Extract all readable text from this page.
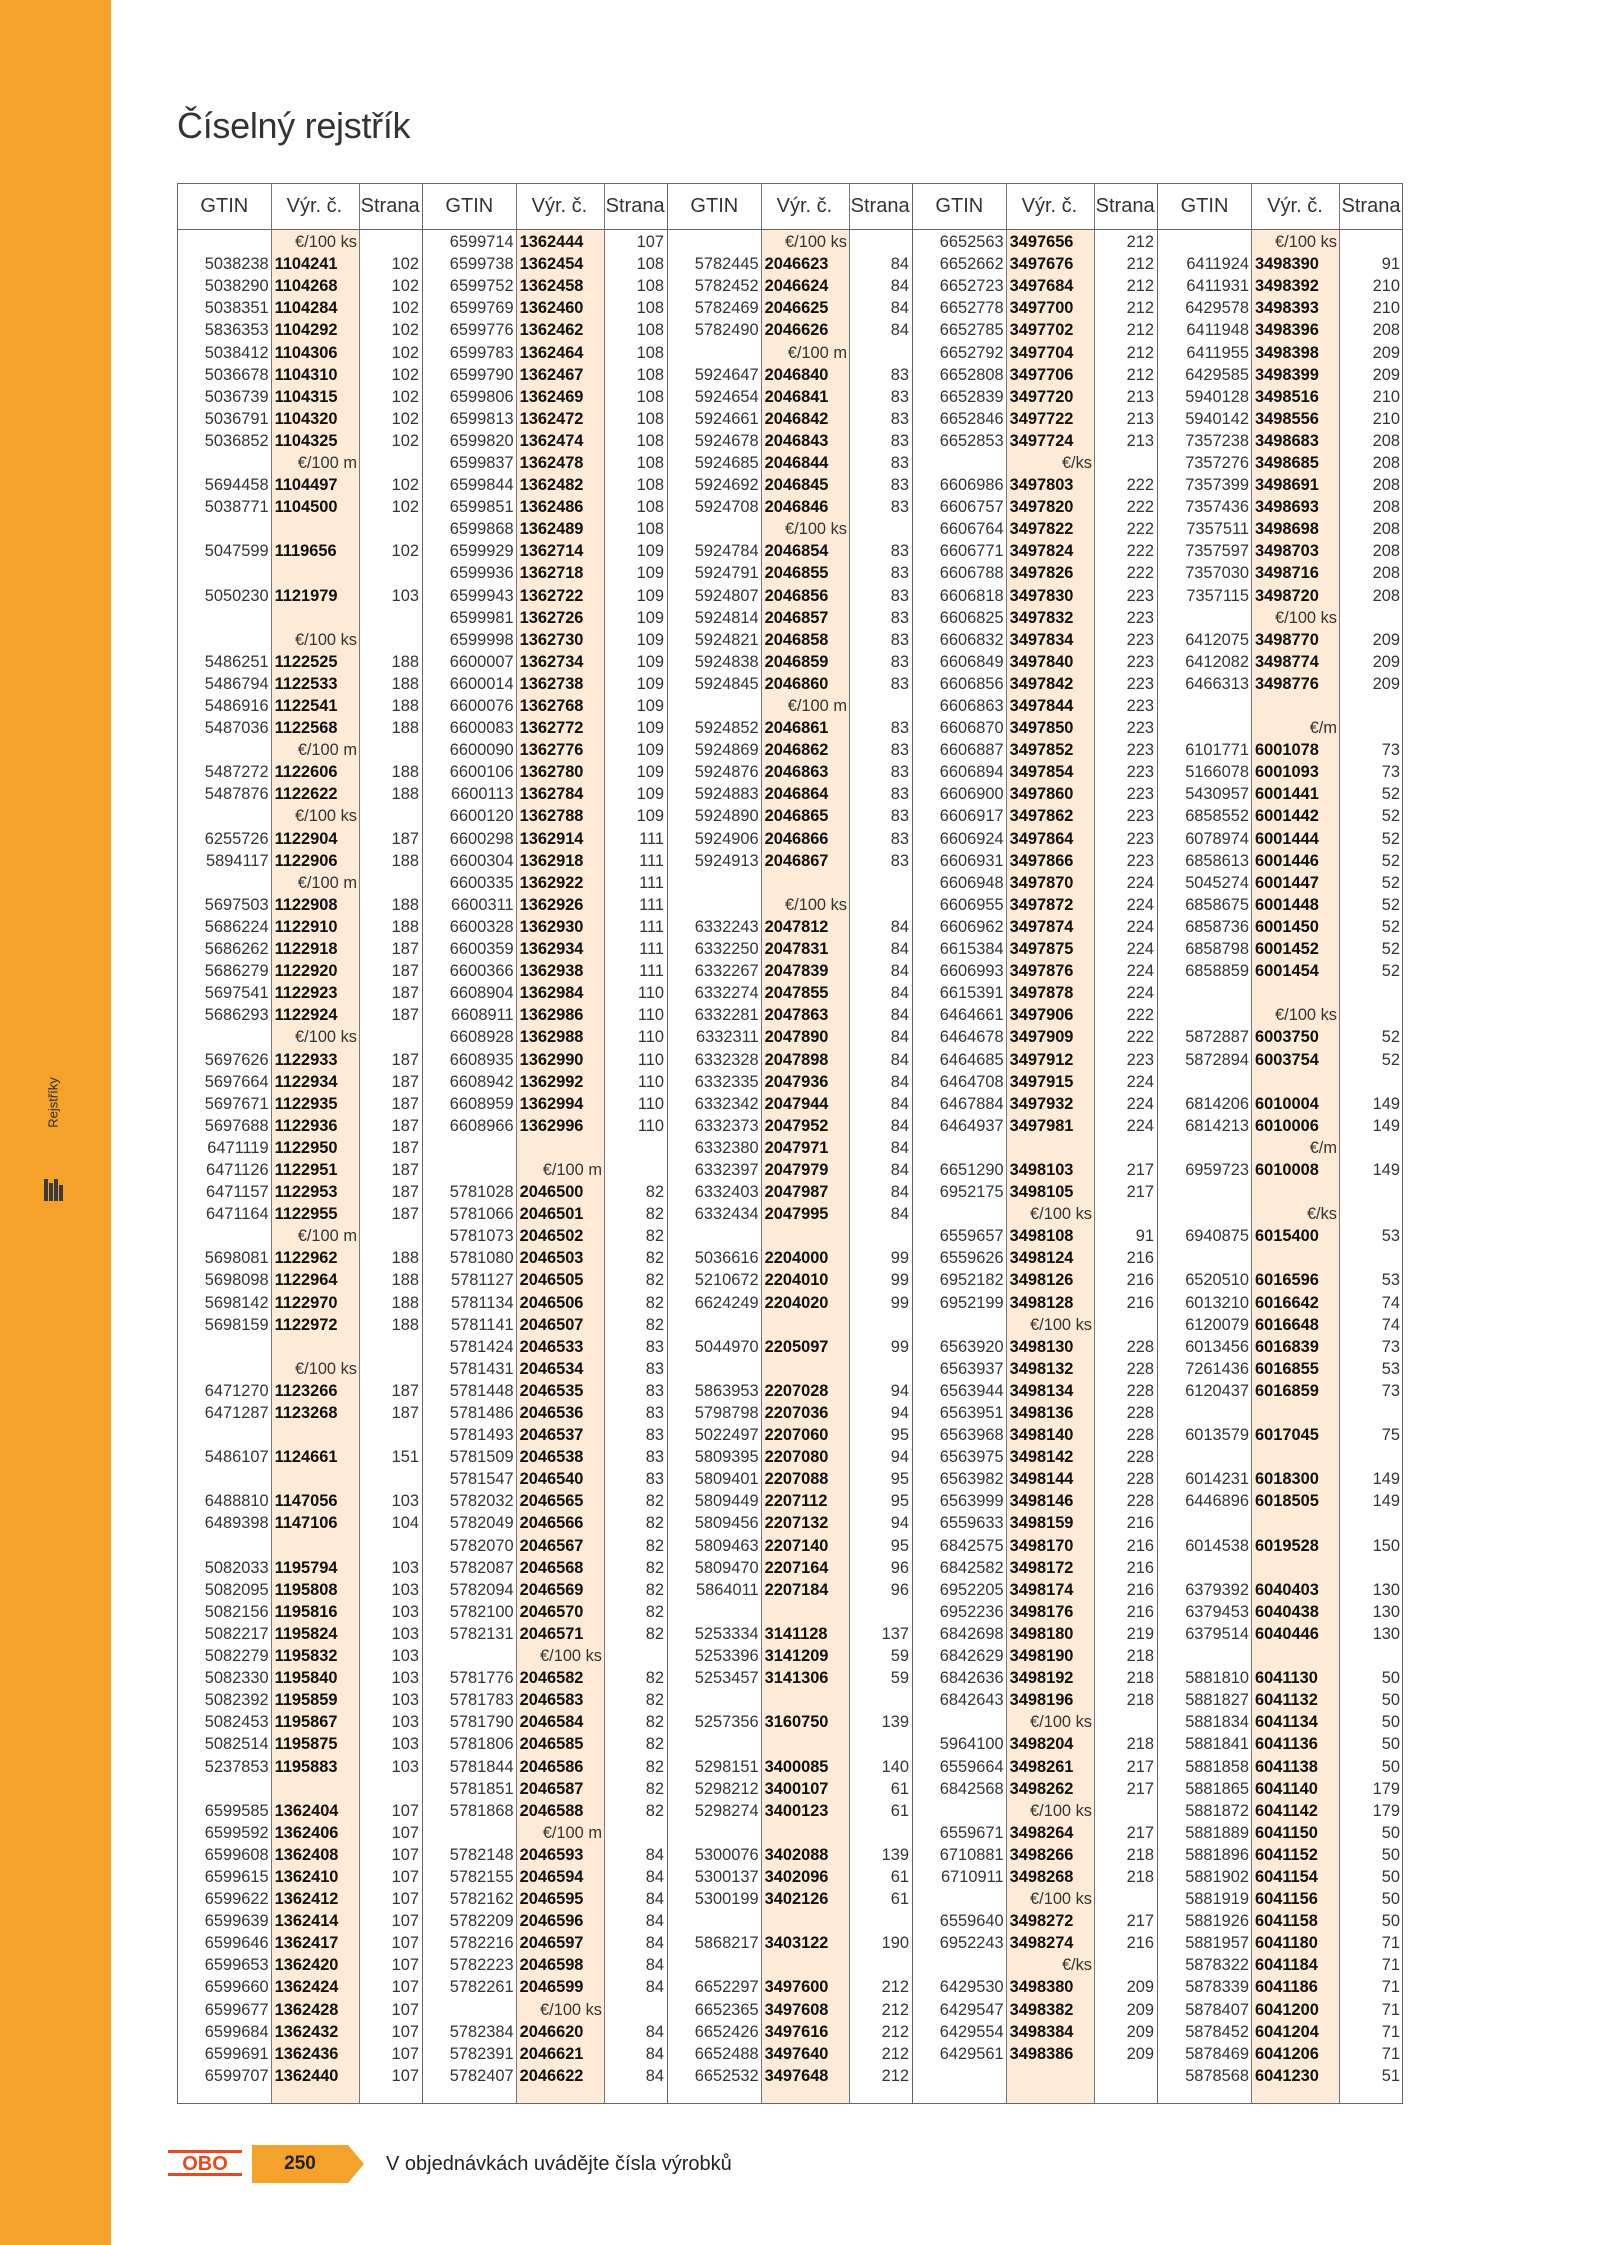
Rejstříky
Číselný rejstřík
GTIN	Výr. č. Strana
€/100 ks
5038238 1104241	102
5038290 1104268	102
5038351 1104284	102
5836353 1104292	102
5038412 1104306	102
5036678 1104310	102
5036739 1104315	102
5036791 1104320	102
5036852 1104325	102
€/100 m
5694458 1104497	102
5038771 1104500	102
5047599 1119656	102
5050230 1121979	103
€/100 ks
5486251 1122525	188
5486794 1122533	188
5486916 1122541	188
5487036 1122568	188
€/100 m
5487272 1122606	188
5487876 1122622	188
€/100 ks
6255726 1122904	187
5894117 1122906	188
€/100 m
5697503 1122908	188
5686224 1122910	188
5686262 1122918	187
5686279 1122920	187
5697541 1122923	187
5686293 1122924	187
€/100 ks
5697626 1122933	187
5697664 1122934	187
5697671 1122935	187
5697688 1122936	187
6471119 1122950	187
6471126 1122951	187
6471157 1122953	187
6471164 1122955	187
€/100 m
5698081 1122962	188
5698098 1122964	188
5698142 1122970	188
5698159 1122972	188
€/100 ks
6471270 1123266	187
6471287 1123268	187
5486107 1124661	151
6488810 1147056	103
6489398 1147106	104
5082033 1195794	103
5082095 1195808	103
5082156 1195816	103
5082217 1195824	103
5082279 1195832	103
5082330 1195840	103
5082392 1195859	103
5082453 1195867	103
5082514 1195875	103
5237853 1195883	103
6599585 1362404	107
6599592 1362406	107
6599608 1362408	107
6599615 1362410	107
6599622 1362412	107
6599639 1362414	107
6599646 1362417	107
6599653 1362420	107
6599660 1362424	107
6599677 1362428	107
6599684 1362432	107
6599691 1362436	107
6599707 1362440	107
GTIN	Výr. č. Strana
6599714 1362444	107
6599738 1362454	108
6599752 1362458	108
6599769 1362460	108
6599776 1362462	108
6599783 1362464	108
6599790 1362467	108
6599806 1362469	108
6599813 1362472	108
6599820 1362474	108
6599837 1362478	108
6599844 1362482	108
6599851 1362486	108
6599868 1362489	108
6599929 1362714	109
6599936 1362718	109
6599943 1362722	109
6599981 1362726	109
6599998 1362730	109
6600007 1362734	109
6600014 1362738	109
6600076 1362768	109
6600083 1362772	109
6600090 1362776	109
6600106 1362780	109
6600113 1362784	109
6600120 1362788	109
6600298 1362914	111
6600304 1362918	111
6600335 1362922	111
6600311 1362926	111
6600328 1362930	111
6600359 1362934	111
6600366 1362938	111
6608904 1362984	110
6608911 1362986	110
6608928 1362988	110
6608935 1362990	110
6608942 1362992	110
6608959 1362994	110
6608966 1362996	110
€/100 m
5781028 2046500	82
5781066 2046501	82
5781073 2046502	82
5781080 2046503	82
5781127 2046505	82
5781134 2046506	82
5781141 2046507	82
5781424 2046533	83
5781431 2046534	83
5781448 2046535	83
5781486 2046536	83
5781493 2046537	83
5781509 2046538	83
5781547 2046540	83
5782032 2046565	82
5782049 2046566	82
5782070 2046567	82
5782087 2046568	82
5782094 2046569	82
5782100 2046570	82
5782131 2046571	82
€/100 ks
5781776 2046582	82
5781783 2046583	82
5781790 2046584	82
5781806 2046585	82
5781844 2046586	82
5781851 2046587	82
5781868 2046588	82
€/100 m
5782148 2046593	84
5782155 2046594	84
5782162 2046595	84
5782209 2046596	84
5782216 2046597	84
5782223 2046598	84
5782261 2046599	84
€/100 ks
5782384 2046620	84
5782391 2046621	84
5782407 2046622	84
GTIN	Výr. č. Strana
€/100 ks
5782445 2046623	84
5782452 2046624	84
5782469 2046625	84
5782490 2046626	84
€/100 m
5924647 2046840	83
5924654 2046841	83
5924661 2046842	83
5924678 2046843	83
5924685 2046844	83
5924692 2046845	83
5924708 2046846	83
€/100 ks
5924784 2046854	83
5924791 2046855	83
5924807 2046856	83
5924814 2046857	83
5924821 2046858	83
5924838 2046859	83
5924845 2046860	83
€/100 m
5924852 2046861	83
5924869 2046862	83
5924876 2046863	83
5924883 2046864	83
5924890 2046865	83
5924906 2046866	83
5924913 2046867	83
€/100 ks
6332243 2047812	84
6332250 2047831	84
6332267 2047839	84
6332274 2047855	84
6332281 2047863	84
6332311 2047890	84
6332328 2047898	84
6332335 2047936	84
6332342 2047944	84
6332373 2047952	84
6332380 2047971	84
6332397 2047979	84
6332403 2047987	84
6332434 2047995	84
5036616 2204000	99
5210672 2204010	99
6624249 2204020	99
5044970 2205097	99
5863953 2207028	94
5798798 2207036	94
5022497 2207060	95
5809395 2207080	94
5809401 2207088	95
5809449 2207112	95
5809456 2207132	94
5809463 2207140	95
5809470 2207164	96
5864011 2207184	96
5253334 3141128	137
5253396 3141209	59
5253457 3141306	59
5257356 3160750	139
5298151 3400085	140
5298212 3400107	61
5298274 3400123	61
5300076 3402088	139
5300137 3402096	61
5300199 3402126	61
5868217 3403122	190
6652297 3497600	212
6652365 3497608	212
6652426 3497616	212
6652488 3497640	212
6652532 3497648	212
GTIN	Výr. č. Strana
6652563 3497656	212
6652662 3497676	212
6652723 3497684	212
6652778 3497700	212
6652785 3497702	212
6652792 3497704	212
6652808 3497706	212
6652839 3497720	213
6652846 3497722	213
6652853 3497724	213
€/ks
6606986 3497803	222
6606757 3497820	222
6606764 3497822	222
6606771 3497824	222
6606788 3497826	222
6606818 3497830	223
6606825 3497832	223
6606832 3497834	223
6606849 3497840	223
6606856 3497842	223
6606863 3497844	223
6606870 3497850	223
6606887 3497852	223
6606894 3497854	223
6606900 3497860	223
6606917 3497862	223
6606924 3497864	223
6606931 3497866	223
6606948 3497870	224
6606955 3497872	224
6606962 3497874	224
6615384 3497875	224
6606993 3497876	224
6615391 3497878	224
6464661 3497906	222
6464678 3497909	222
6464685 3497912	223
6464708 3497915	224
6467884 3497932	224
6464937 3497981	224
6651290 3498103	217
6952175 3498105	217
€/100 ks
6559657 3498108	91
6559626 3498124	216
6952182 3498126	216
6952199 3498128	216
€/100 ks
6563920 3498130	228
6563937 3498132	228
6563944 3498134	228
6563951 3498136	228
6563968 3498140	228
6563975 3498142	228
6563982 3498144	228
6563999 3498146	228
6559633 3498159	216
6842575 3498170	216
6842582 3498172	216
6952205 3498174	216
6952236 3498176	216
6842698 3498180	219
6842629 3498190	218
6842636 3498192	218
6842643 3498196	218
€/100 ks
5964100 3498204	218
6559664 3498261	217
6842568 3498262	217
€/100 ks
6559671 3498264	217
6710881 3498266	218
6710911 3498268	218
€/100 ks
6559640 3498272	217
6952243 3498274	216
€/ks
6429530 3498380	209
6429547 3498382	209
6429554 3498384	209
6429561 3498386	209
GTIN	Výr. č. Strana
€/100 ks
6411924 3498390	91
6411931 3498392	210
6429578 3498393	210
6411948 3498396	208
6411955 3498398	209
6429585 3498399	209
5940128 3498516	210
5940142 3498556	210
7357238 3498683	208
7357276 3498685	208
7357399 3498691	208
7357436 3498693	208
7357511 3498698	208
7357597 3498703	208
7357030 3498716	208
7357115 3498720	208
€/100 ks
6412075 3498770	209
6412082 3498774	209
6466313 3498776	209
€/m
6101771 6001078	73
5166078 6001093	73
5430957 6001441	52
6858552 6001442	52
6078974 6001444	52
6858613 6001446	52
5045274 6001447	52
6858675 6001448	52
6858736 6001450	52
6858798 6001452	52
6858859 6001454	52
€/100 ks
5872887 6003750	52
5872894 6003754	52
6814206 6010004	149
6814213 6010006	149
€/m
6959723 6010008	149
€/ks
6940875 6015400	53
6520510 6016596	53
6013210 6016642	74
6120079 6016648	74
6013456 6016839	73
7261436 6016855	53
6120437 6016859	73
6013579 6017045	75
6014231 6018300	149
6446896 6018505	149
6014538 6019528	150
6379392 6040403	130
6379453 6040438	130
6379514 6040446	130
5881810 6041130	50
5881827 6041132	50
5881834 6041134	50
5881841 6041136	50
5881858 6041138	50
5881865 6041140	179
5881872 6041142	179
5881889 6041150	50
5881896 6041152	50
5881902 6041154	50
5881919 6041156	50
5881926 6041158	50
5881957 6041180	71
5878322 6041184	71
5878339 6041186	71
5878407 6041200	71
5878452 6041204	71
5878469 6041206	71
5878568 6041230	51
OBO	250	V objednávkách uvádějte čísla výrobků
